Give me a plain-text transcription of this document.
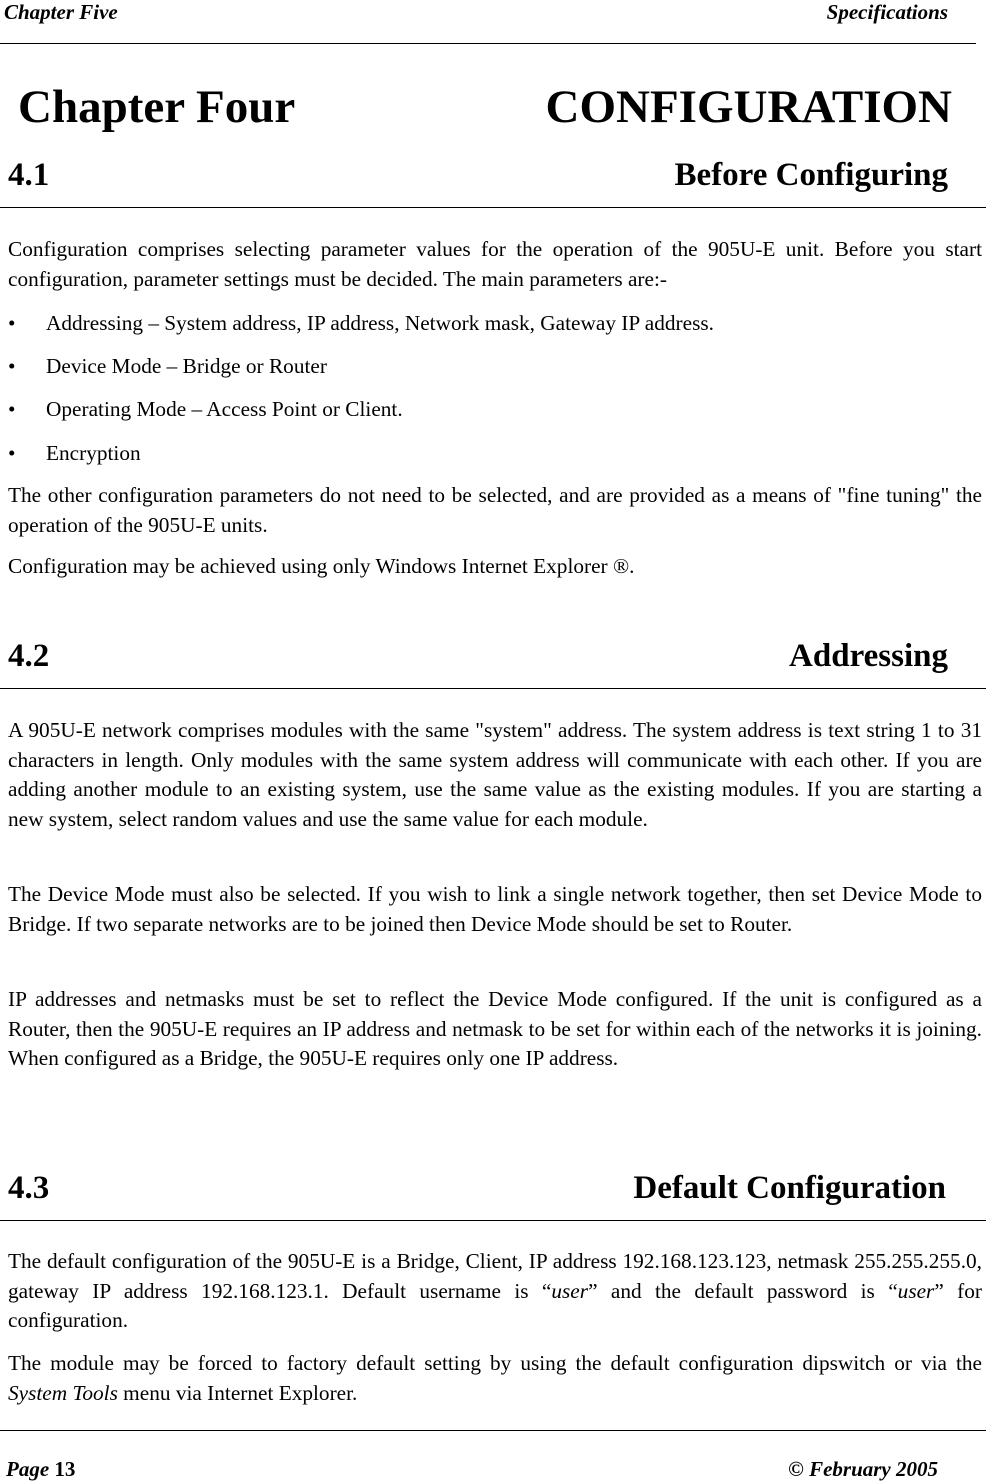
Chapter Five	Specifications
Chapter Four	CONFIGURATION
4.1	Before Configuring

Configuration comprises selecting parameter values for the operation of the 905U-E unit. Before you start configuration, parameter settings must be decided. The main parameters are:-

• Addressing – System address, IP address, Network mask, Gateway IP address.
• Device Mode – Bridge or Router
• Operating Mode – Access Point or Client.
• Encryption

The other configuration parameters do not need to be selected, and are provided as a means of "fine tuning" the operation of the 905U-E units.

Configuration may be achieved using only Windows Internet Explorer ®.

4.2	Addressing

A 905U-E network comprises modules with the same "system" address. The system address is text string 1 to 31 characters in length. Only modules with the same system address will communicate with each other. If you are adding another module to an existing system, use the same value as the existing modules. If you are starting a new system, select random values and use the same value for each module.

The Device Mode must also be selected. If you wish to link a single network together, then set Device Mode to Bridge. If two separate networks are to be joined then Device Mode should be set to Router.

IP addresses and netmasks must be set to reflect the Device Mode configured. If the unit is configured as a Router, then the 905U-E requires an IP address and netmask to be set for within each of the networks it is joining. When configured as a Bridge, the 905U-E requires only one IP address.

4.3	Default Configuration

The default configuration of the 905U-E is a Bridge, Client, IP address 192.168.123.123, netmask 255.255.255.0, gateway IP address 192.168.123.1. Default username is “user” and the default password is “user” for configuration.

The module may be forced to factory default setting by using the default configuration dipswitch or via the System Tools menu via Internet Explorer.

Page 13	© February 2005
